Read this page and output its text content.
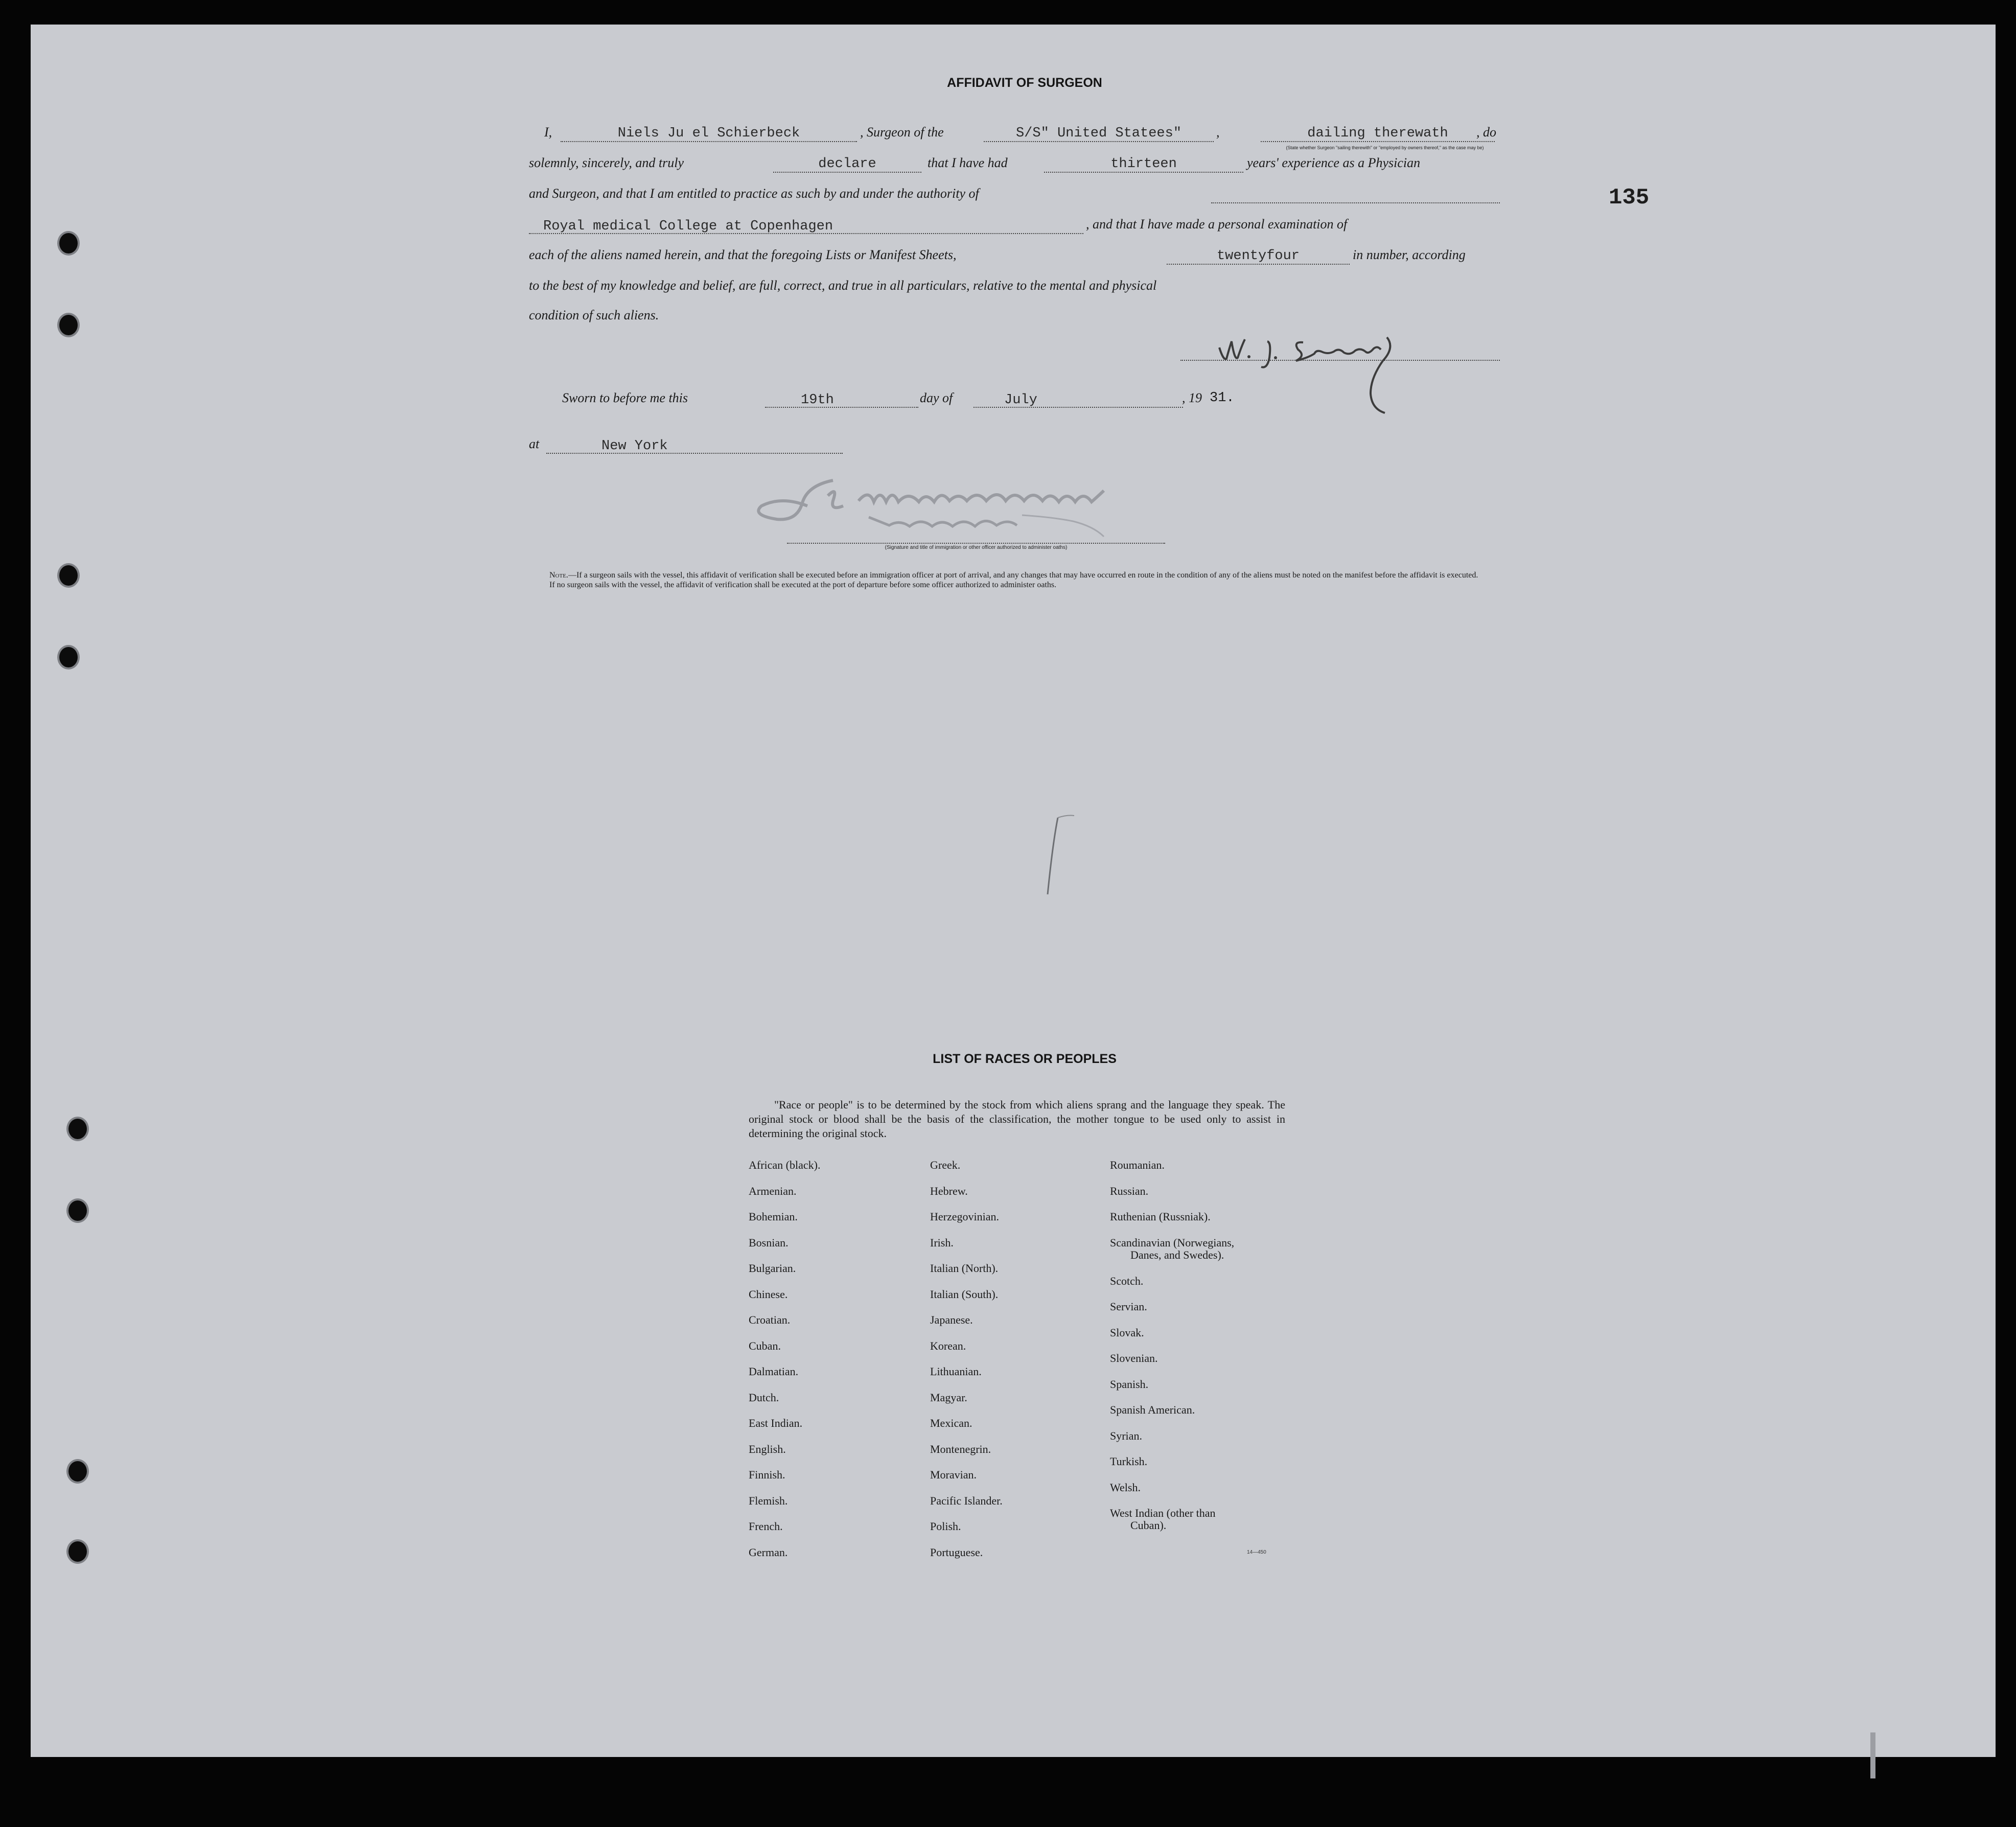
135
AFFIDAVIT OF SURGEON
I,	Niels Ju el Schierbeck	, Surgeon of the	S/S" United Statees"	,	dailing therewath	, do
(State whether Surgeon "sailing therewith" or "employed by owners thereof," as the case may be)
solemnly, sincerely, and truly	declare	that I have had	thirteen	years' experience as a Physician
and Surgeon, and that I am entitled to practice as such by and under the authority of
Royal medical College at Copenhagen	, and that I have made a personal examination of
each of the aliens named herein, and that the foregoing Lists or Manifest Sheets,	twentyfour	in number, according
to the best of my knowledge and belief, are full, correct, and true in all particulars, relative to the mental and physical
condition of such aliens.
Sworn to before me this	19th	day of	July	, 19 31.
at	New York
(Signature and title of immigration or other officer authorized to administer oaths)
Note.—If a surgeon sails with the vessel, this affidavit of verification shall be executed before an immigration officer at port of arrival, and any changes that may have occurred en route in the condition of any of the aliens must be noted on the manifest before the affidavit is executed.
If no surgeon sails with the vessel, the affidavit of verification shall be executed at the port of departure before some officer authorized to administer oaths.
LIST OF RACES OR PEOPLES
"Race or people" is to be determined by the stock from which aliens sprang and the language they speak. The original stock or blood shall be the basis of the classification, the mother tongue to be used only to assist in determining the original stock.
African (black).
Armenian.
Bohemian.
Bosnian.
Bulgarian.
Chinese.
Croatian.
Cuban.
Dalmatian.
Dutch.
East Indian.
English.
Finnish.
Flemish.
French.
German.
Greek.
Hebrew.
Herzegovinian.
Irish.
Italian (North).
Italian (South).
Japanese.
Korean.
Lithuanian.
Magyar.
Mexican.
Montenegrin.
Moravian.
Pacific Islander.
Polish.
Portuguese.
Roumanian.
Russian.
Ruthenian (Russniak).
Scandinavian (Norwegians,
Danes, and Swedes).
Scotch.
Servian.
Slovak.
Slovenian.
Spanish.
Spanish American.
Syrian.
Turkish.
Welsh.
West Indian (other than
Cuban).
14—450
